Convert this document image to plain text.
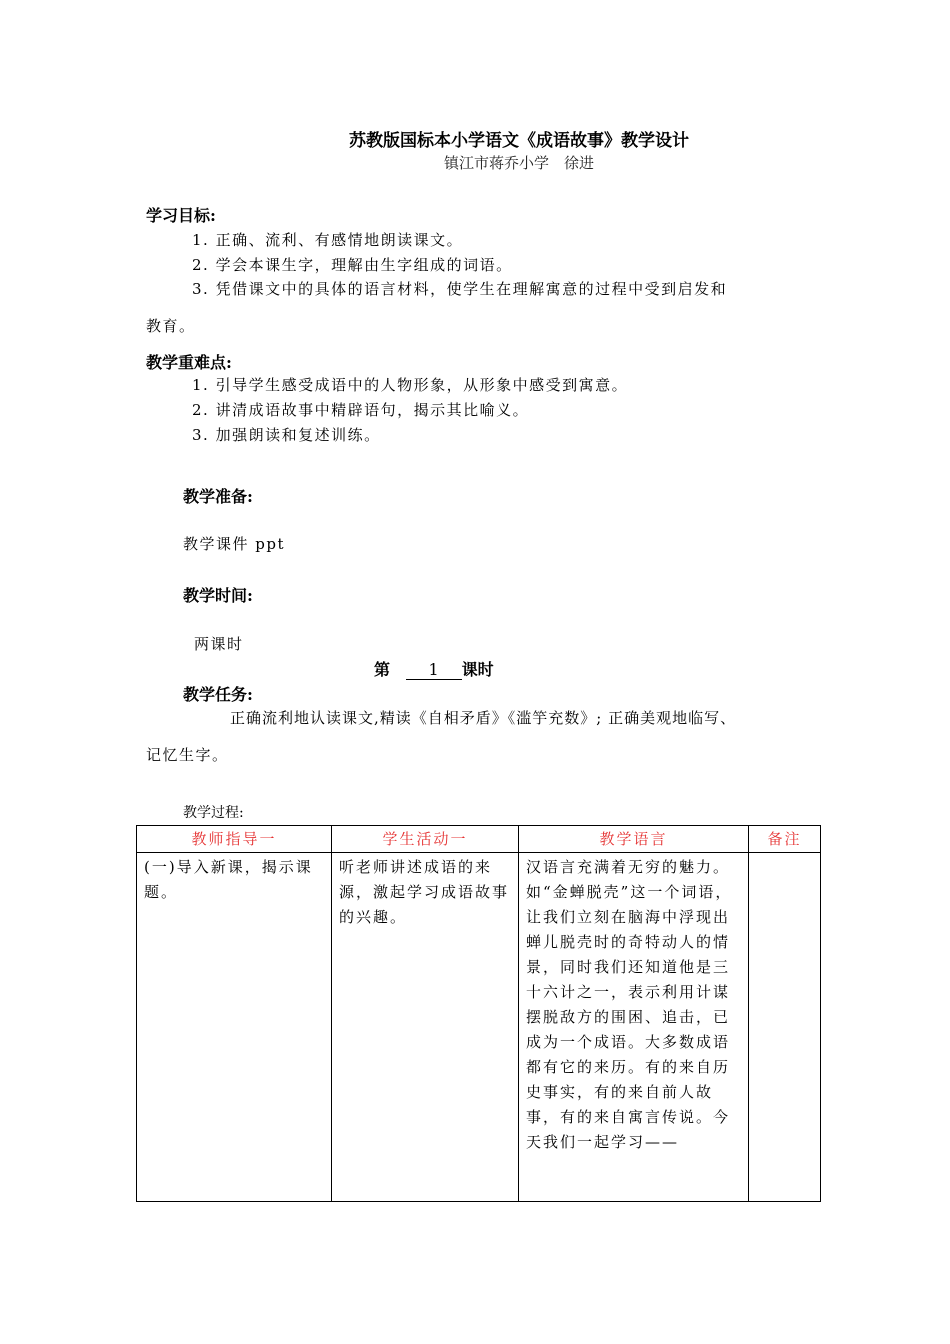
苏教版国标本小学语文《成语故事》教学设计
镇江市蒋乔小学　徐进
学习目标:
1. 正确、流利、有感情地朗读课文。
2. 学会本课生字，理解由生字组成的词语。
3. 凭借课文中的具体的语言材料，使学生在理解寓意的过程中受到启发和
教育。
教学重难点:
1. 引导学生感受成语中的人物形象，从形象中感受到寓意。
2. 讲清成语故事中精辟语句，揭示其比喻义。
3. 加强朗读和复述训练。
教学准备:
教学课件 ppt
教学时间:
两课时
第 1 课时
教学任务:
正确流利地认读课文,精读《自相矛盾》《滥竽充数》; 正确美观地临写、
记忆生字。
教学过程:
教师指导一	学生活动一	教学语言	备注
(一)导入新课，揭示课题。	听老师讲述成语的来源，激起学习成语故事的兴趣。	汉语言充满着无穷的魅力。如“金蝉脱壳”这一个词语，让我们立刻在脑海中浮现出蝉儿脱壳时的奇特动人的情景，同时我们还知道他是三十六计之一，表示利用计谋摆脱敌方的围困、追击，已成为一个成语。大多数成语都有它的来历。有的来自历史事实，有的来自前人故事，有的来自寓言传说。今天我们一起学习——	
